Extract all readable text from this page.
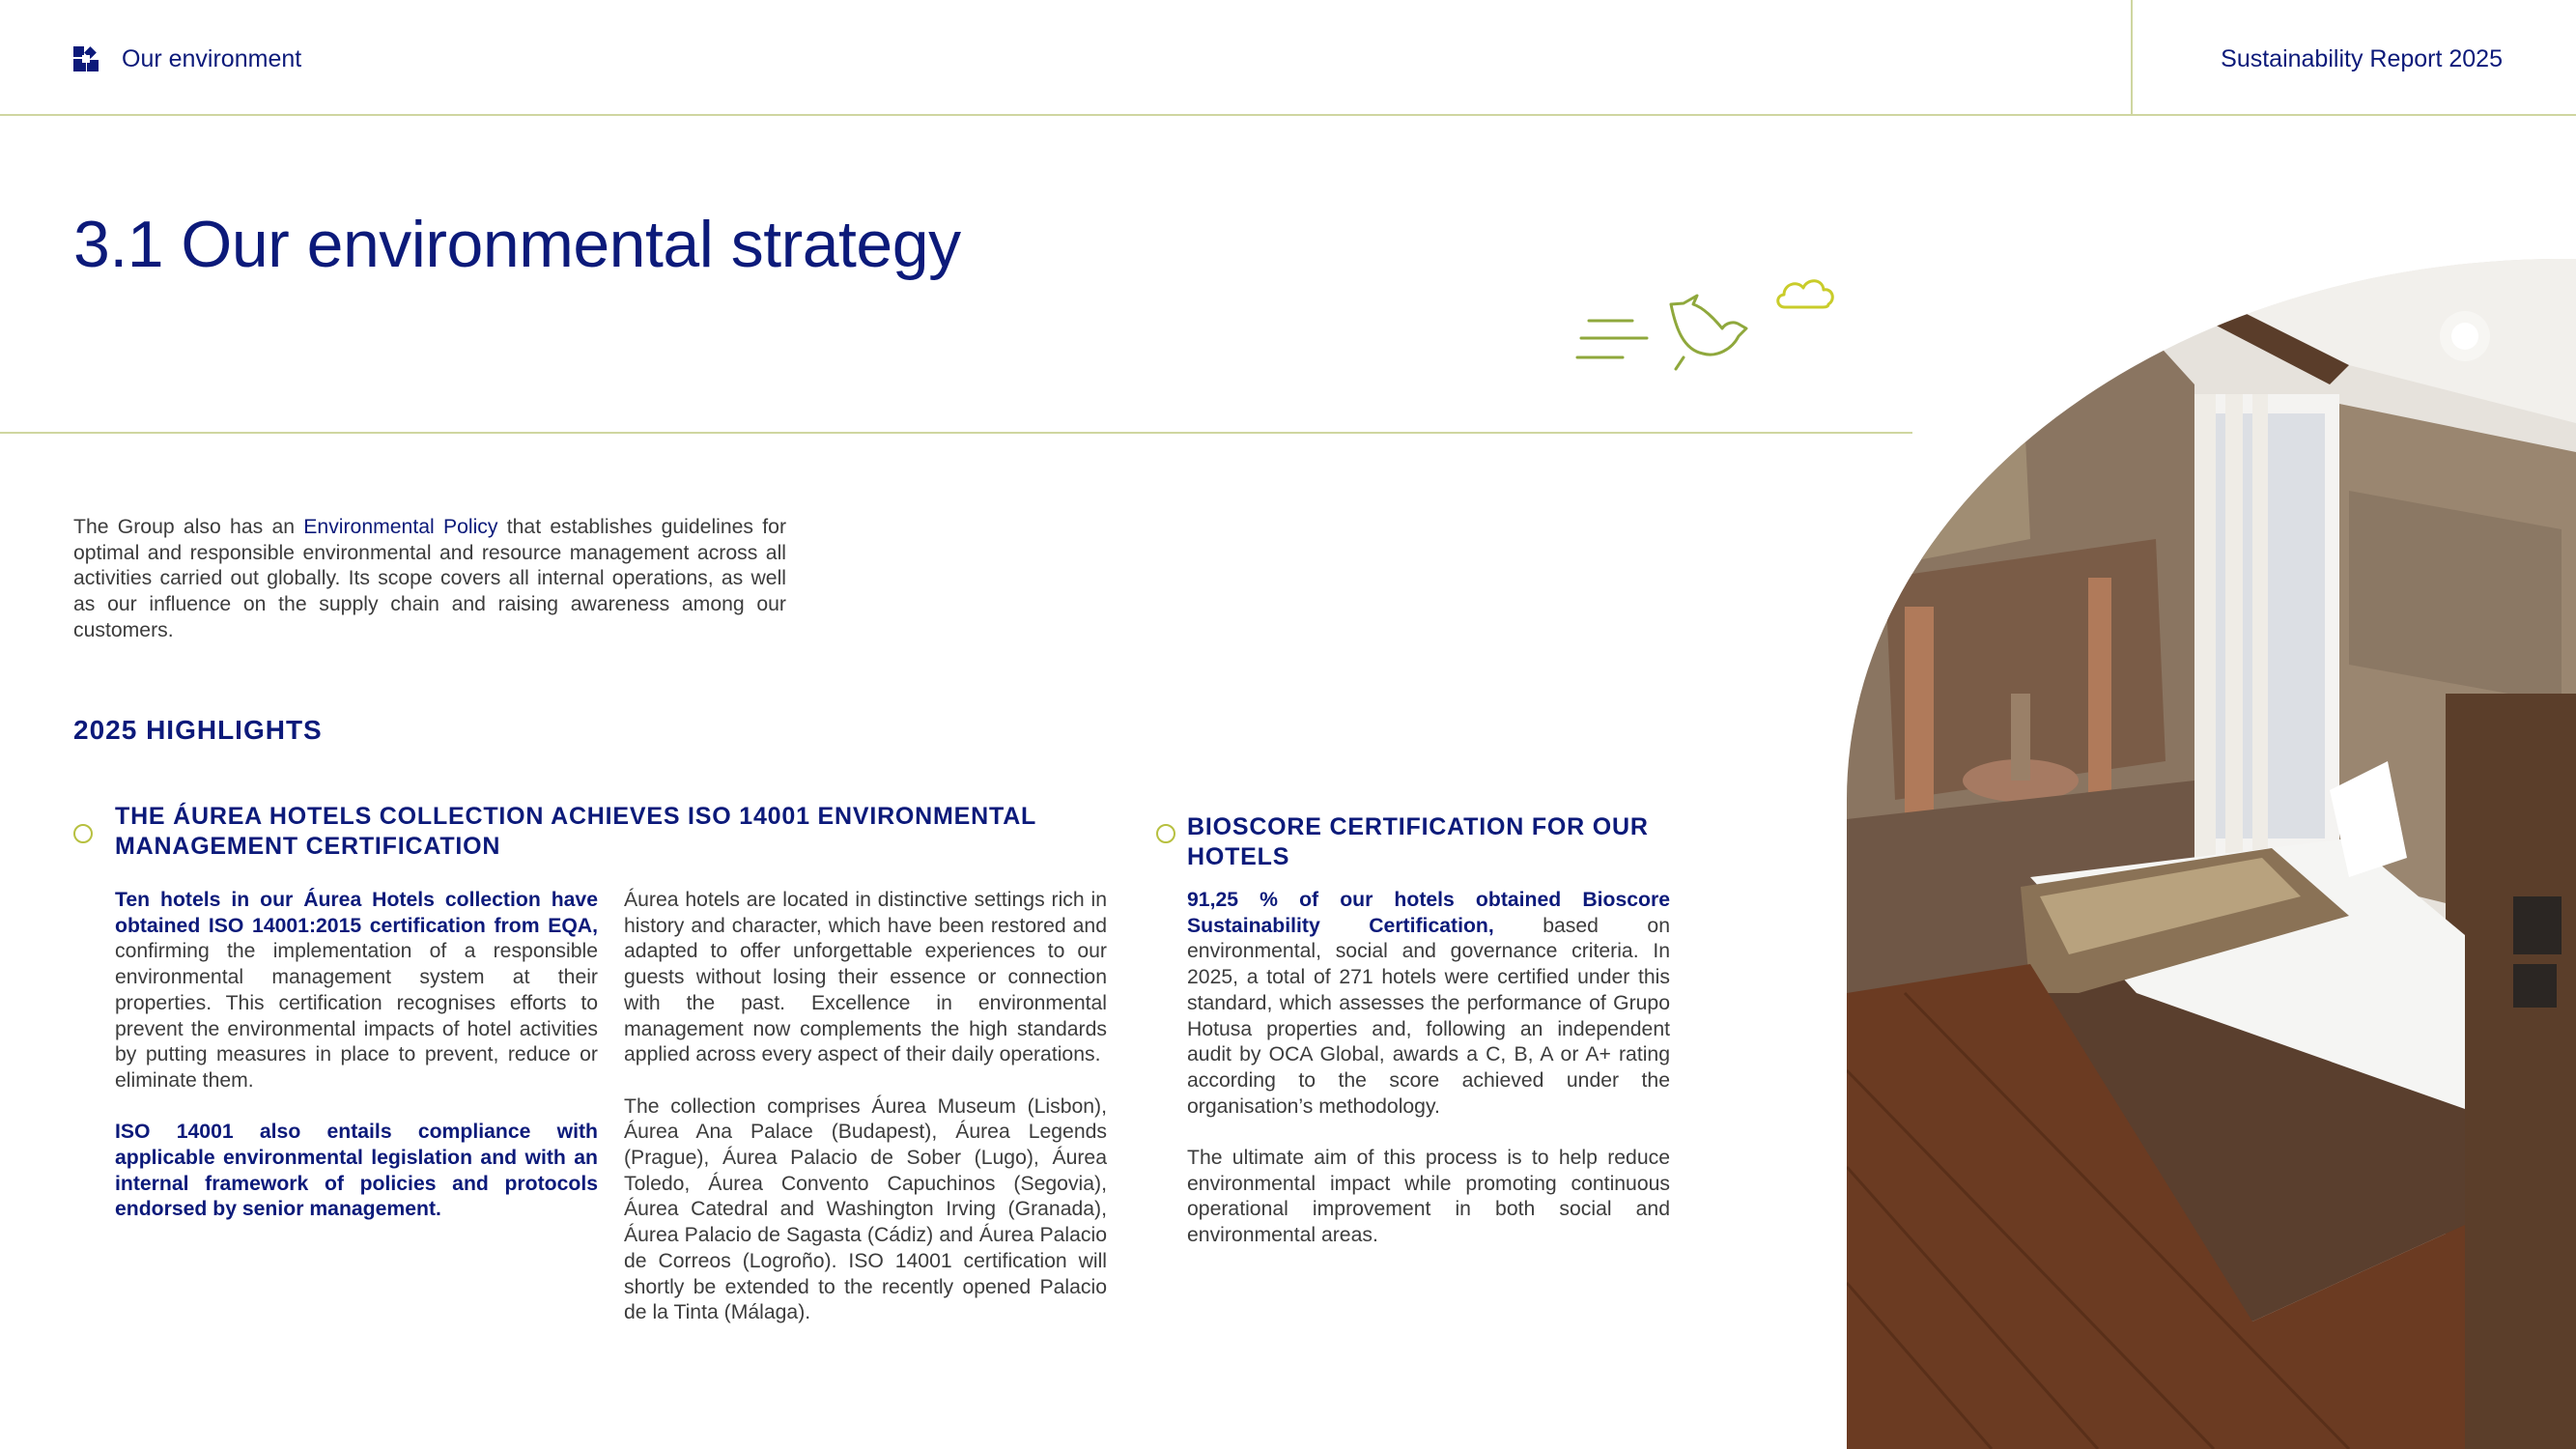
Our environment	Sustainability Report 2025
3.1 Our environmental strategy

The Group also has an Environmental Policy that establishes guidelines for optimal and responsible environmental and resource management across all activities carried out globally. Its scope covers all internal operations, as well as our influence on the supply chain and raising awareness among our customers.

2025 HIGHLIGHTS
THE ÁUREA HOTELS COLLECTION ACHIEVES ISO 14001 ENVIRONMENTAL MANAGEMENT CERTIFICATION

Ten hotels in our Áurea Hotels collection have obtained ISO 14001:2015 certification from EQA, confirming the implementation of a responsible environmental management system at their properties. This certification recognises efforts to prevent the environmental impacts of hotel activities by putting measures in place to prevent, reduce or eliminate them.

ISO 14001 also entails compliance with applicable environmental legislation and with an internal framework of policies and protocols endorsed by senior management.

Áurea hotels are located in distinctive settings rich in history and character, which have been restored and adapted to offer unforgettable experiences to our guests without losing their essence or connection with the past. Excellence in environmental management now complements the high standards applied across every aspect of their daily operations.

The collection comprises Áurea Museum (Lisbon), Áurea Ana Palace (Budapest), Áurea Legends (Prague), Áurea Palacio de Sober (Lugo), Áurea Toledo, Áurea Convento Capuchinos (Segovia), Áurea Catedral and Washington Irving (Granada), Áurea Palacio de Sagasta (Cádiz) and Áurea Palacio de Correos (Logroño). ISO 14001 certification will shortly be extended to the recently opened Palacio de la Tinta (Málaga).

BIOSCORE CERTIFICATION FOR OUR HOTELS

91,25 % of our hotels obtained Bioscore Sustainability Certification, based on environmental, social and governance criteria. In 2025, a total of 271 hotels were certified under this standard, which assesses the performance of Grupo Hotusa properties and, following an independent audit by OCA Global, awards a C, B, A or A+ rating according to the score achieved under the organisation’s methodology.

The ultimate aim of this process is to help reduce environmental impact while promoting continuous operational improvement in both social and environmental areas.
